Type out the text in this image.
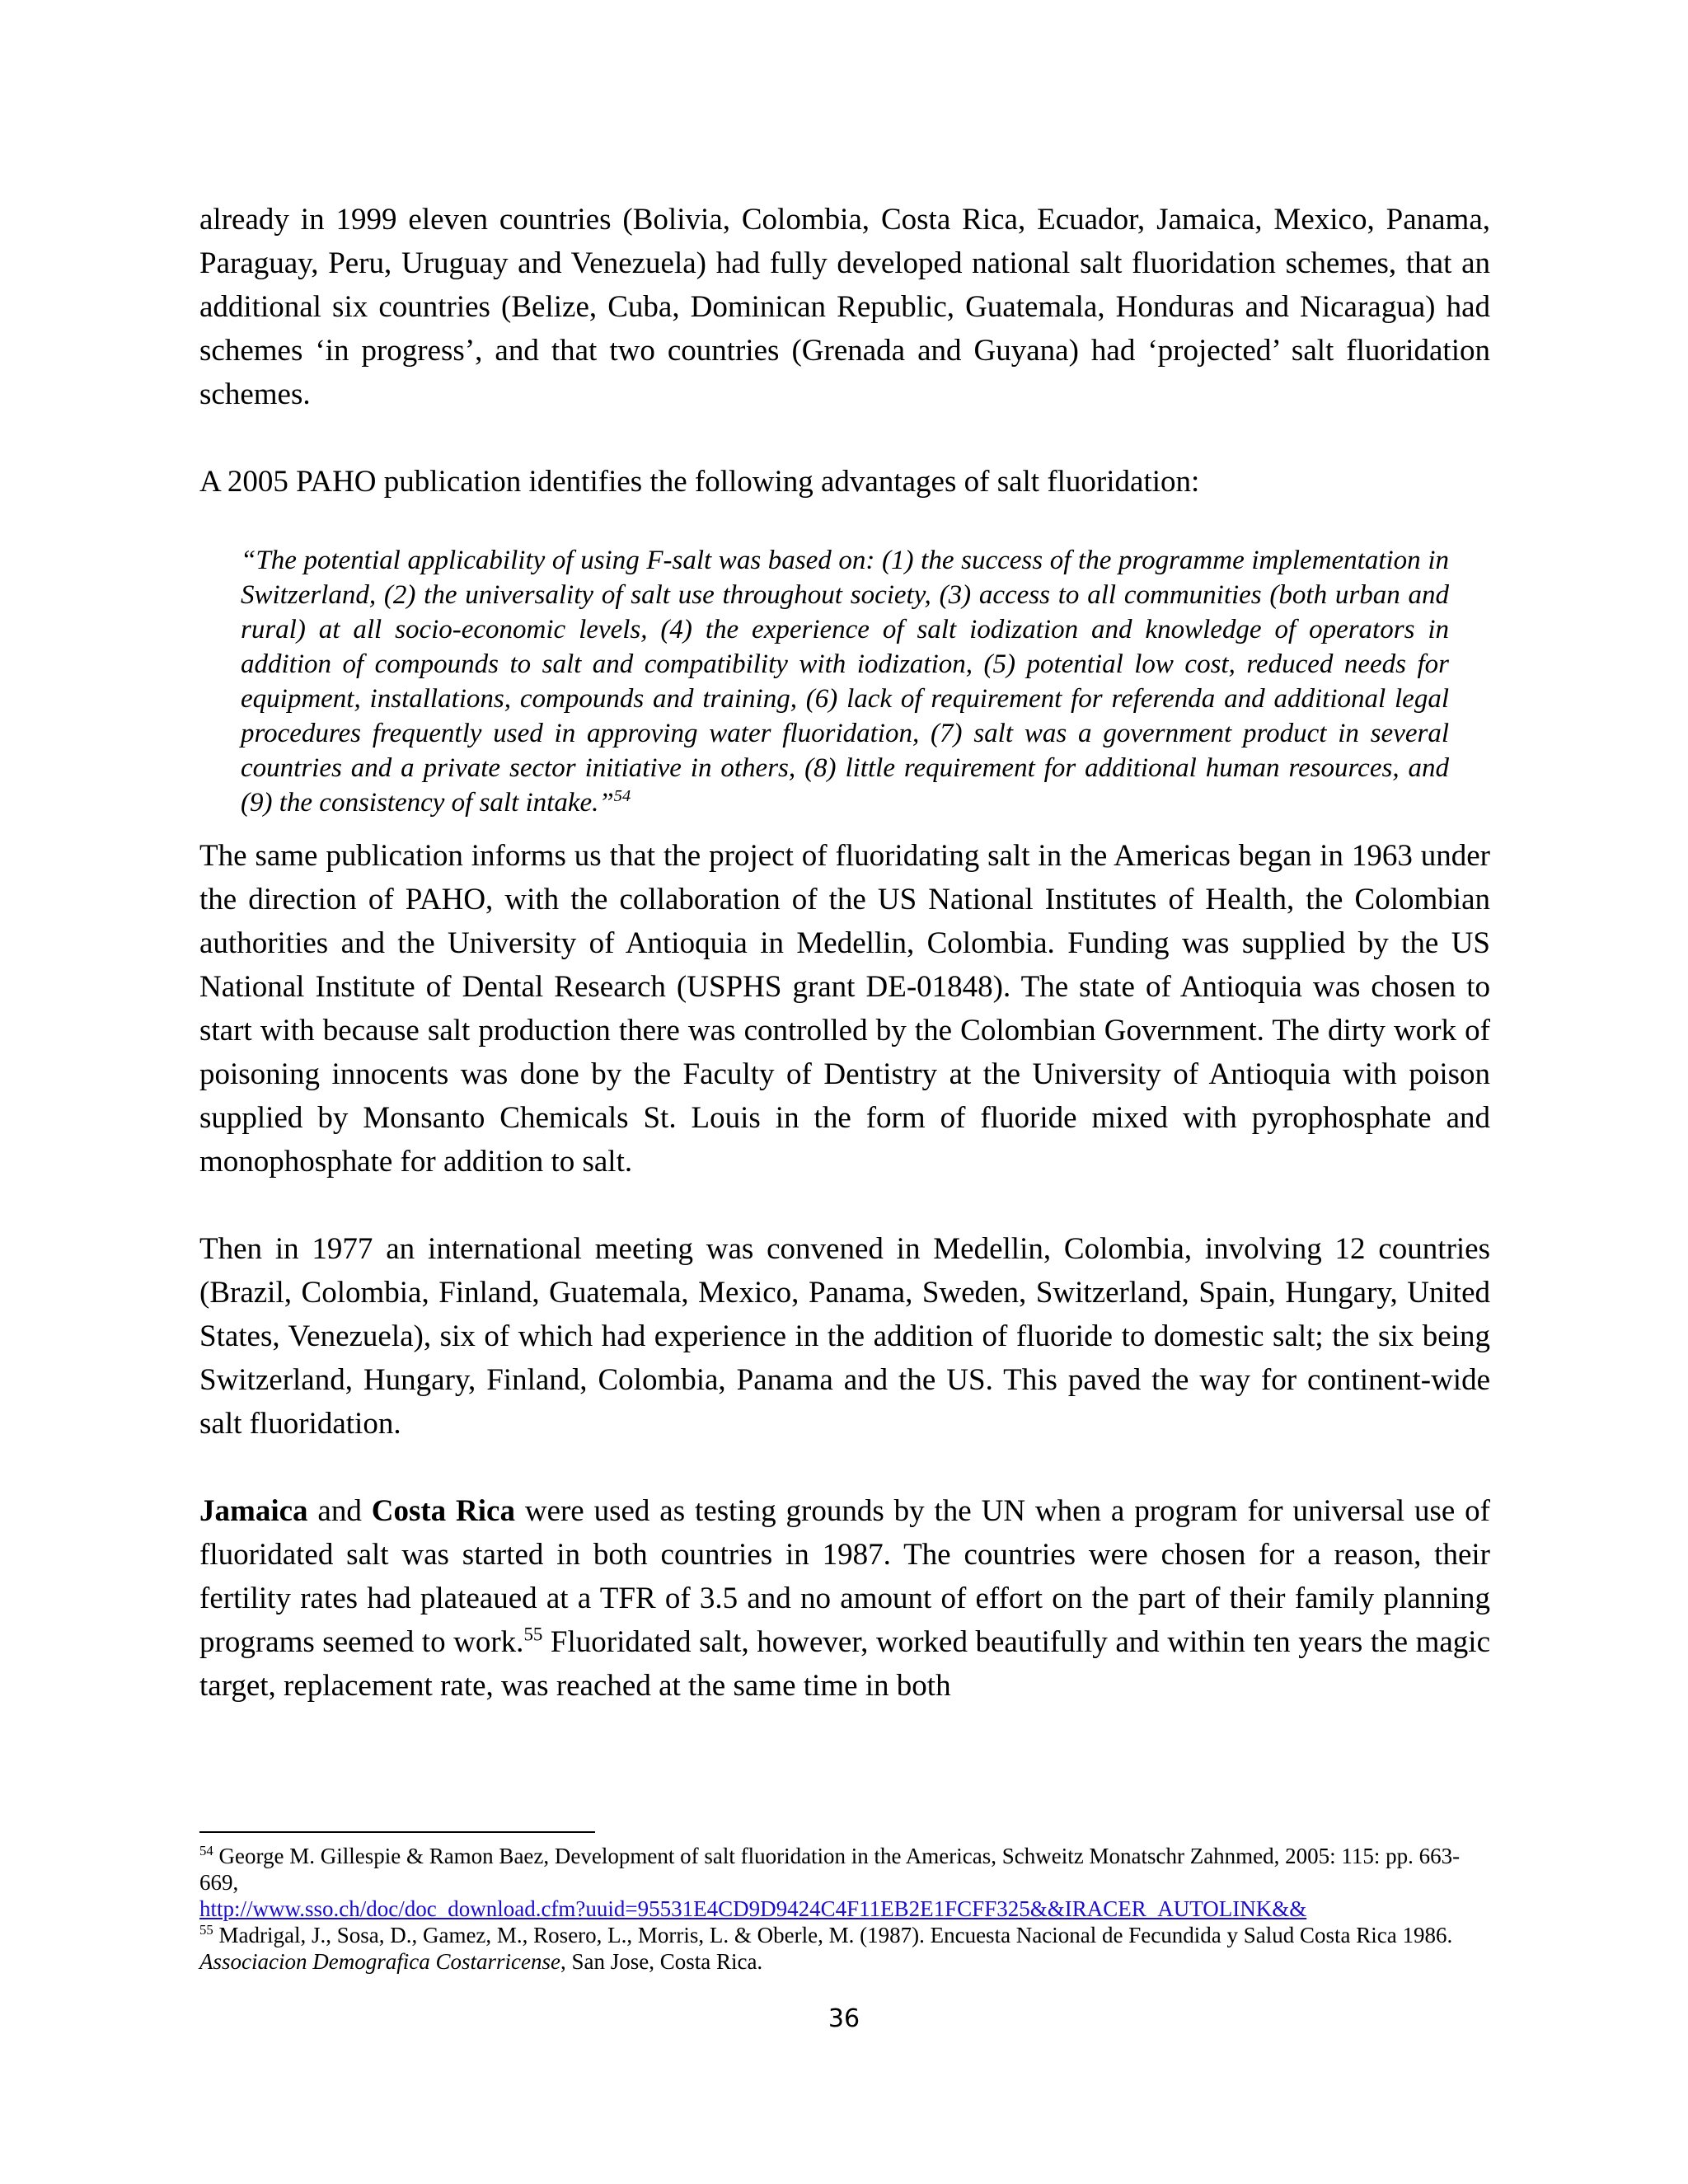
already in 1999 eleven countries (Bolivia, Colombia, Costa Rica, Ecuador, Jamaica, Mexico, Panama, Paraguay, Peru, Uruguay and Venezuela) had fully developed national salt fluoridation schemes, that an additional six countries (Belize, Cuba, Dominican Republic, Guatemala, Honduras and Nicaragua) had schemes ‘in progress’, and that two countries (Grenada and Guyana) had ‘projected’ salt fluoridation schemes.

A 2005 PAHO publication identifies the following advantages of salt fluoridation:

“The potential applicability of using F-salt was based on: (1) the success of the programme implementation in Switzerland, (2) the universality of salt use throughout society, (3) access to all communities (both urban and rural) at all socio-economic levels, (4) the experience of salt iodization and knowledge of operators in addition of compounds to salt and compatibility with iodization, (5) potential low cost, reduced needs for equipment, installations, compounds and training, (6) lack of requirement for referenda and additional legal procedures frequently used in approving water fluoridation, (7) salt was a government product in several countries and a private sector initiative in others, (8) little requirement for additional human resources, and (9) the consistency of salt intake.”$^{54}$

The same publication informs us that the project of fluoridating salt in the Americas began in 1963 under the direction of PAHO, with the collaboration of the US National Institutes of Health, the Colombian authorities and the University of Antioquia in Medellin, Colombia. Funding was supplied by the US National Institute of Dental Research (USPHS grant DE-01848). The state of Antioquia was chosen to start with because salt production there was controlled by the Colombian Government. The dirty work of poisoning innocents was done by the Faculty of Dentistry at the University of Antioquia with poison supplied by Monsanto Chemicals St. Louis in the form of fluoride mixed with pyrophosphate and monophosphate for addition to salt.

Then in 1977 an international meeting was convened in Medellin, Colombia, involving 12 countries (Brazil, Colombia, Finland, Guatemala, Mexico, Panama, Sweden, Switzerland, Spain, Hungary, United States, Venezuela), six of which had experience in the addition of fluoride to domestic salt; the six being Switzerland, Hungary, Finland, Colombia, Panama and the US. This paved the way for continent-wide salt fluoridation.

Jamaica and Costa Rica were used as testing grounds by the UN when a program for universal use of fluoridated salt was started in both countries in 1987. The countries were chosen for a reason, their fertility rates had plateaued at a TFR of 3.5 and no amount of effort on the part of their family planning programs seemed to work.$^{55}$ Fluoridated salt, however, worked beautifully and within ten years the magic target, replacement rate, was reached at the same time in both

$^{54}$ George M. Gillespie & Ramon Baez, Development of salt fluoridation in the Americas, Schweitz Monatschr Zahnmed, 2005: 115: pp. 663-669,
http://www.sso.ch/doc/doc_download.cfm?uuid=95531E4CD9D9424C4F11EB2E1FCFF325&&IRACER_AUTOLINK&&

$^{55}$ Madrigal, J., Sosa, D., Gamez, M., Rosero, L., Morris, L. & Oberle, M. (1987). Encuesta Nacional de Fecundida y Salud Costa Rica 1986. Associacion Demografica Costarricense, San Jose, Costa Rica.

36
